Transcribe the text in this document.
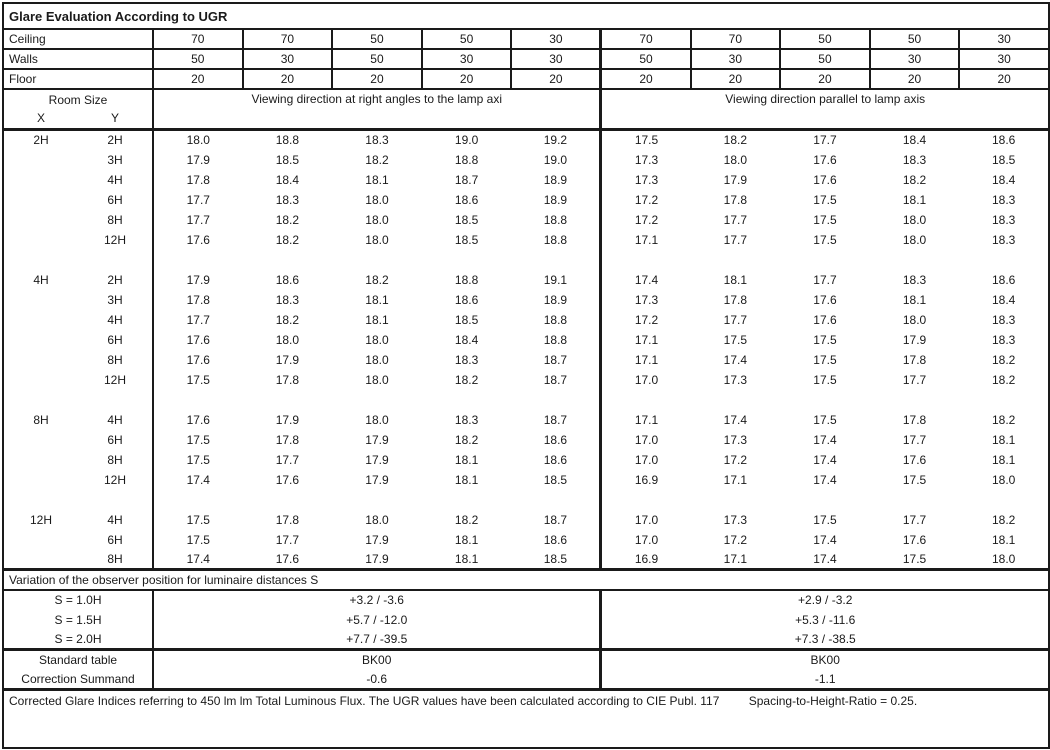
Glare Evaluation According to UGR											
Ceiling		70	70	50	50	30	70	70	50	50	30
Walls		50	30	50	30	30	50	30	50	30	30
Floor		20	20	20	20	20	20	20	20	20	20

Room Size
X Y		Viewing direction at right angles to the lamp axi					Viewing direction parallel to lamp axis				
2H	2H	18.0	18.8	18.3	19.0	19.2	17.5	18.2	17.7	18.4	18.6
	3H	17.9	18.5	18.2	18.8	19.0	17.3	18.0	17.6	18.3	18.5
	4H	17.8	18.4	18.1	18.7	18.9	17.3	17.9	17.6	18.2	18.4
	6H	17.7	18.3	18.0	18.6	18.9	17.2	17.8	17.5	18.1	18.3
	8H	17.7	18.2	18.0	18.5	18.8	17.2	17.7	17.5	18.0	18.3
	12H	17.6	18.2	18.0	18.5	18.8	17.1	17.7	17.5	18.0	18.3

4H	2H	17.9	18.6	18.2	18.8	19.1	17.4	18.1	17.7	18.3	18.6
	3H	17.8	18.3	18.1	18.6	18.9	17.3	17.8	17.6	18.1	18.4
	4H	17.7	18.2	18.1	18.5	18.8	17.2	17.7	17.6	18.0	18.3
	6H	17.6	18.0	18.0	18.4	18.8	17.1	17.5	17.5	17.9	18.3
	8H	17.6	17.9	18.0	18.3	18.7	17.1	17.4	17.5	17.8	18.2
	12H	17.5	17.8	18.0	18.2	18.7	17.0	17.3	17.5	17.7	18.2

8H	4H	17.6	17.9	18.0	18.3	18.7	17.1	17.4	17.5	17.8	18.2
	6H	17.5	17.8	17.9	18.2	18.6	17.0	17.3	17.4	17.7	18.1
	8H	17.5	17.7	17.9	18.1	18.6	17.0	17.2	17.4	17.6	18.1
	12H	17.4	17.6	17.9	18.1	18.5	16.9	17.1	17.4	17.5	18.0

12H	4H	17.5	17.8	18.0	18.2	18.7	17.0	17.3	17.5	17.7	18.2
	6H	17.5	17.7	17.9	18.1	18.6	17.0	17.2	17.4	17.6	18.1
	8H	17.4	17.6	17.9	18.1	18.5	16.9	17.1	17.4	17.5	18.0
Variation of the observer position for luminaire distances S											
S = 1.0H		+3.2 / -3.6					+2.9 / -3.2				
S = 1.5H		+5.7 / -12.0					+5.3 / -11.6				
S = 2.0H		+7.7 / -39.5					+7.3 / -38.5				
Standard table		BK00					BK00				
Correction Summand		-0.6					-1.1				
Corrected Glare Indices referring to 450 lm lm Total Luminous Flux. The UGR values have been calculated according to CIE Publ. 117 Spacing-to-Height-Ratio = 0.25.											
